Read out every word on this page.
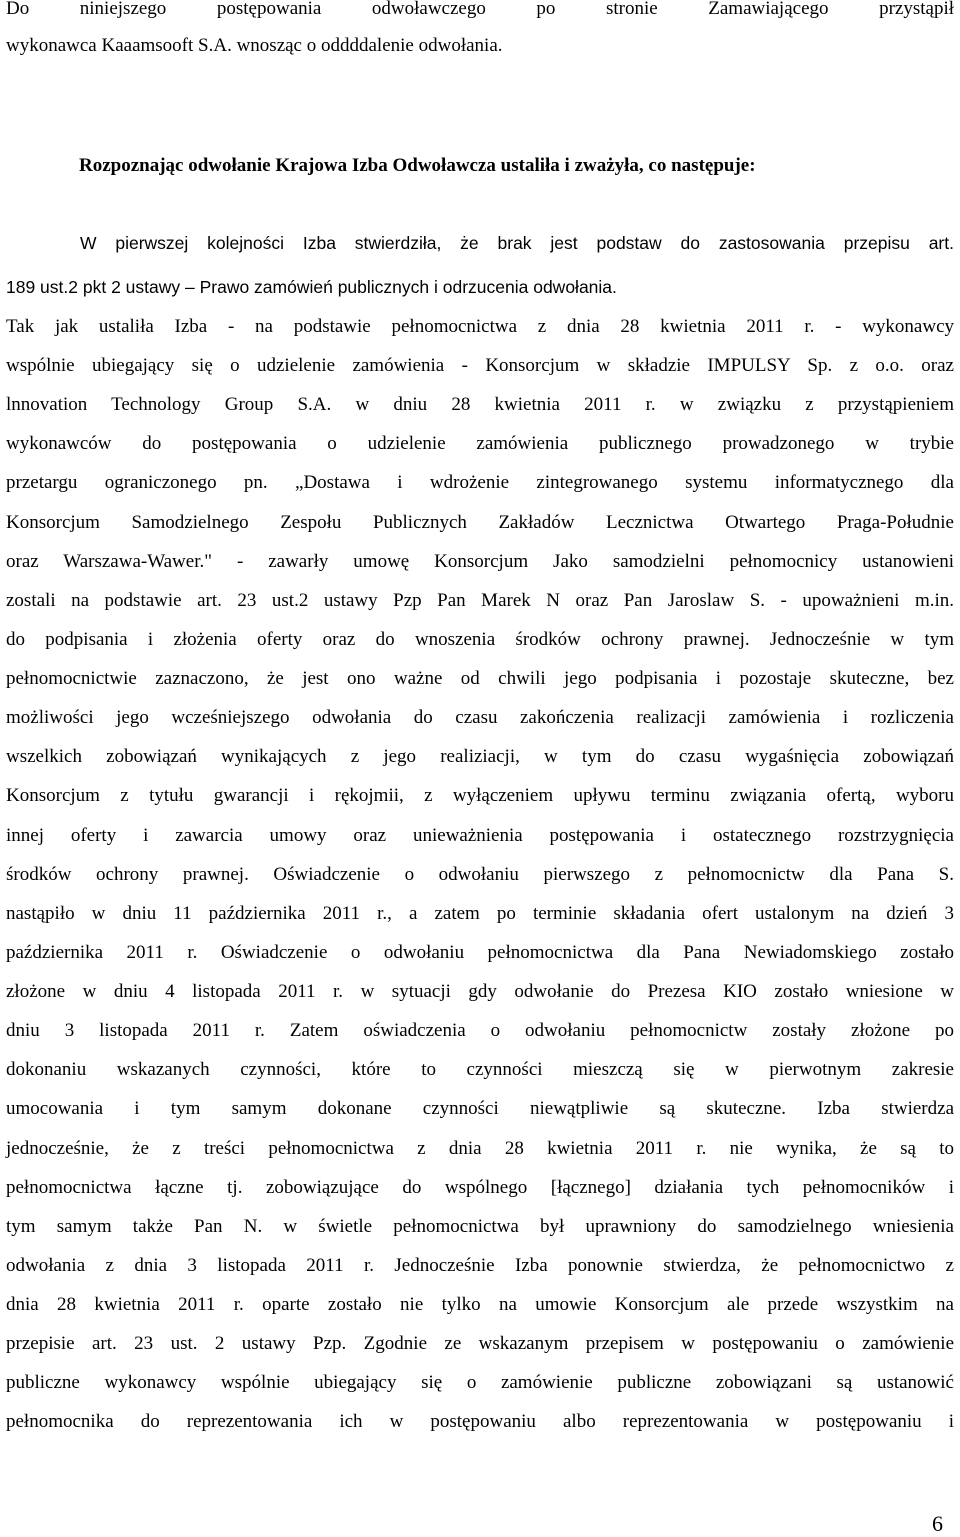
Do niniejszego postępowania odwoławczego po stronie Zamawiającego przystąpił
wykonawca Kaaamsooft S.A. wnosząc o oddddalenie odwołania.
Rozpoznając odwołanie Krajowa Izba Odwoławcza ustaliła i zważyła, co następuje:
W pierwszej kolejności Izba stwierdziła, że brak jest podstaw do zastosowania przepisu art.
189 ust.2 pkt 2 ustawy – Prawo zamówień publicznych i odrzucenia odwołania.
Tak jak ustaliła Izba - na podstawie pełnomocnictwa z dnia 28 kwietnia 2011 r. - wykonawcy
wspólnie ubiegający się o udzielenie zamówienia - Konsorcjum w składzie IMPULSY Sp. z o.o. oraz
lnnovation Technology Group S.A. w dniu 28 kwietnia 2011 r. w związku z przystąpieniem
wykonawców do postępowania o udzielenie zamówienia publicznego prowadzonego w trybie
przetargu ograniczonego pn. „Dostawa i wdrożenie zintegrowanego systemu informatycznego dla
Konsorcjum Samodzielnego Zespołu Publicznych Zakładów Lecznictwa Otwartego Praga-Południe
oraz Warszawa-Wawer." - zawarły umowę Konsorcjum Jako samodzielni pełnomocnicy ustanowieni
zostali na podstawie art. 23 ust.2 ustawy Pzp Pan Marek N oraz Pan Jaroslaw S. - upoważnieni m.in.
do podpisania i złożenia oferty oraz do wnoszenia środków ochrony prawnej. Jednocześnie w tym
pełnomocnictwie zaznaczono, że jest ono ważne od chwili jego podpisania i pozostaje skuteczne, bez
możliwości jego wcześniejszego odwołania do czasu zakończenia realizacji zamówienia i rozliczenia
wszelkich zobowiązań wynikających z jego realiziacji, w tym do czasu wygaśnięcia zobowiązań
Konsorcjum z tytułu gwarancji i rękojmii, z wyłączeniem upływu terminu związania ofertą, wyboru
innej oferty i zawarcia umowy oraz unieważnienia postępowania i ostatecznego rozstrzygnięcia
środków ochrony prawnej. Oświadczenie o odwołaniu pierwszego z pełnomocnictw dla Pana S.
nastąpiło w dniu 11 października 2011 r., a zatem po terminie składania ofert ustalonym na dzień 3
października 2011 r. Oświadczenie o odwołaniu pełnomocnictwa dla Pana Newiadomskiego zostało
złożone w dniu 4 listopada 2011 r. w sytuacji gdy odwołanie do Prezesa KIO zostało wniesione w
dniu 3 listopada 2011 r. Zatem oświadczenia o odwołaniu pełnomocnictw zostały złożone po
dokonaniu wskazanych czynności, które to czynności mieszczą się w pierwotnym zakresie
umocowania i tym samym dokonane czynności niewątpliwie są skuteczne. Izba stwierdza
jednocześnie, że z treści pełnomocnictwa z dnia 28 kwietnia 2011 r. nie wynika, że są to
pełnomocnictwa łączne tj. zobowiązujące do wspólnego [łącznego] działania tych pełnomocników i
tym samym także Pan N. w świetle pełnomocnictwa był uprawniony do samodzielnego wniesienia
odwołania z dnia 3 listopada 2011 r. Jednocześnie Izba ponownie stwierdza, że pełnomocnictwo z
dnia 28 kwietnia 2011 r. oparte zostało nie tylko na umowie Konsorcjum ale przede wszystkim na
przepisie art. 23 ust. 2 ustawy Pzp. Zgodnie ze wskazanym przepisem w postępowaniu o zamówienie
publiczne wykonawcy wspólnie ubiegający się o zamówienie publiczne zobowiązani są ustanowić
pełnomocnika do reprezentowania ich w postępowaniu albo reprezentowania w postępowaniu i
6
